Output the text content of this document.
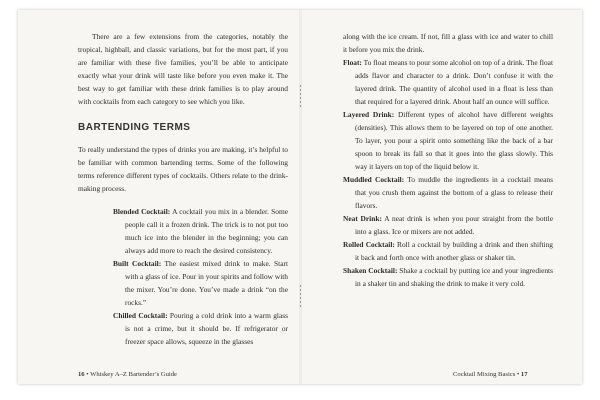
There are a few extensions from the categories, notably the tropical, highball, and classic variations, but for the most part, if you are familiar with these five families, you’ll be able to anticipate exactly what your drink will taste like before you even make it. The best way to get familiar with these drink families is to play around with cocktails from each category to see which you like.

BARTENDING TERMS

To really understand the types of drinks you are making, it’s helpful to be familiar with common bartending terms. Some of the following terms reference different types of cocktails. Others relate to the drink-making process.

Blended Cocktail: A cocktail you mix in a blender. Some people call it a frozen drink. The trick is to not put too much ice into the blender in the beginning; you can always add more to reach the desired consistency.

Built Cocktail: The easiest mixed drink to make. Start with a glass of ice. Pour in your spirits and follow with the mixer. You’re done. You’ve made a drink “on the rocks.”

Chilled Cocktail: Pouring a cold drink into a warm glass is not a crime, but it should be. If refrigerator or freezer space allows, squeeze in the glasses

along with the ice cream. If not, fill a glass with ice and water to chill it before you mix the drink.

Float: To float means to pour some alcohol on top of a drink. The float adds flavor and character to a drink. Don’t confuse it with the layered drink. The quantity of alcohol used in a float is less than that required for a layered drink. About half an ounce will suffice.

Layered Drink: Different types of alcohol have different weights (densities). This allows them to be layered on top of one another. To layer, you pour a spirit onto something like the back of a bar spoon to break its fall so that it goes into the glass slowly. This way it layers on top of the liquid below it.

Muddled Cocktail: To muddle the ingredients in a cocktail means that you crush them against the bottom of a glass to release their flavors.

Neat Drink: A neat drink is when you pour straight from the bottle into a glass. Ice or mixers are not added.

Rolled Cocktail: Roll a cocktail by building a drink and then shifting it back and forth once with another glass or shaker tin.

Shaken Cocktail: Shake a cocktail by putting ice and your ingredients in a shaker tin and shaking the drink to make it very cold.

16 • Whiskey A–Z Bartender’s Guide	Cocktail Mixing Basics • 17
